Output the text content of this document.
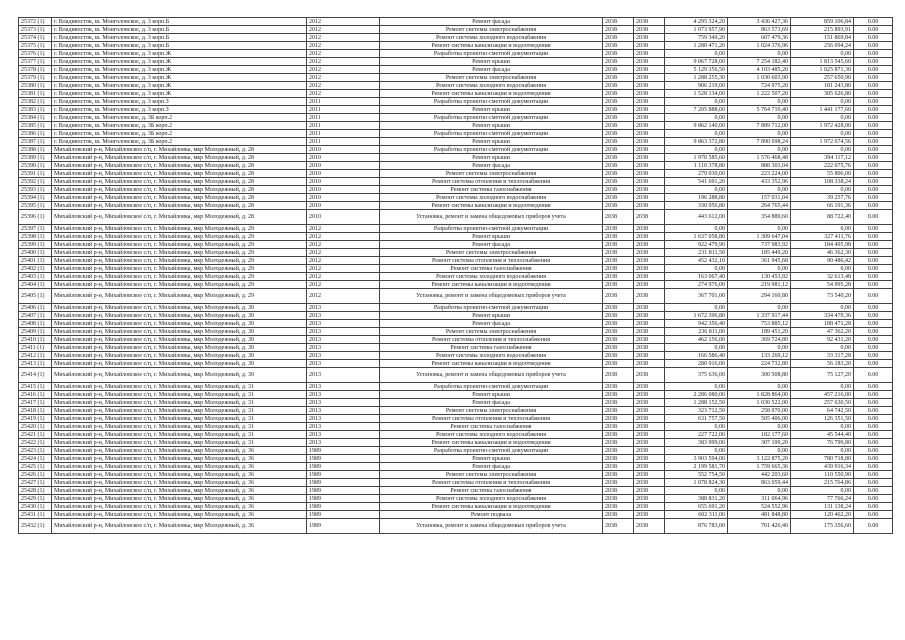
25372 (1)	г. Владивосток, ш. Монголовское, д. 3 корп.Б	2012	Ремонт фасада	2038	2038	4 295 324,20	3 436 427,36	859 106,84	0.00
25373 (1)	г. Владивосток, ш. Монголовское, д. 3 корп.Б	2012	Ремонт системы электроснабжения	2038	2038	1 073 957,90	863 573,69	215 893,91	0.00
25374 (1)	г. Владивосток, ш. Монголовское, д. 3 корп.Б	2012	Ремонт системы холодного водоснабжения	2038	2038	759 349,20	607 479,36	151 869,84	0.00
25375 (1)	г. Владивосток, ш. Монголовское, д. 3 корп.Б	2012	Ремонт системы канализации и водоотведения	2038	2038	1 280 471,20	1 024 376,96	256 094,24	0.00
25376 (1)	г. Владивосток, ш. Монголовское, д. 3 корп.Ж	2012	Разработка проектно-сметной документации	2038	2038	0,00	0,00	0,00	0.00
25377 (1)	г. Владивосток, ш. Монголовское, д. 3 корп.Ж	2012	Ремонт крыши	2038	2038	9 067 728,00	7 254 182,40	1 813 545,60	0.00
25378 (1)	г. Владивосток, ш. Монголовское, д. 3 корп.Ж	2012	Ремонт фасада	2038	2038	5 129 356,50	4 103 485,20	1 025 871,30	0.00
25379 (1)	г. Владивосток, ш. Монголовское, д. 3 корп.Ж	2012	Ремонт системы электроснабжения	2038	2038	1 288 255,30	1 030 603,90	257 650,90	0.00
25380 (1)	г. Владивосток, ш. Монголовское, д. 3 корп.Ж	2012	Ремонт системы холодного водоснабжения	2038	2038	906 219,00	724 975,20	181 243,80	0.00
25381 (1)	г. Владивосток, ш. Монголовское, д. 3 корп.Ж	2012	Ремонт системы канализации и водоотведения	2038	2038	1 528 134,00	1 222 507,20	305 626,80	0.00
25382 (1)	г. Владивосток, ш. Монголовское, д. 3 корп.З	2011	Разработка проектно-сметной документации	2038	2038	0,00	0,00	0,00	0.00
25383 (1)	г. Владивосток, ш. Монголовское, д. 3 корп.З	2011	Ремонт крыши	2038	2038	7 205 888,00	5 764 710,40	1 441 177,60	0.00
25384 (1)	г. Владивосток, ш. Монголовское, д. 3Б корп.2	2011	Разработка проектно-сметной документации	2038	2038	0,00	0,00	0,00	0.00
25385 (1)	г. Владивосток, ш. Монголовское, д. 3Б корп.2	2011	Ремонт крыши	2038	2038	9 862 140,00	7 889 712,00	1 972 428,00	0.00
25386 (1)	г. Владивосток, ш. Монголовское, д. 3Б корп.2	2011	Разработка проектно-сметной документации	2038	2038	0,00	0,00	0,00	0.00
25387 (1)	г. Владивосток, ш. Монголовское, д. 3Б корп.2	2011	Ремонт крыши	2038	2038	9 863 372,80	7 890 698,24	1 972 674,56	0.00
25388 (1)	Михайловский р-н, Михайловское с/п, г. Михайловка, мкр Молодежный, д. 28	2010	Разработка проектно-сметной документации	2038	2038	0,00	0,00	0,00	0.00
25389 (1)	Михайловский р-н, Михайловское с/п, г. Михайловка, мкр Молодежный, д. 28	2010	Ремонт крыши	2038	2038	1 970 585,60	1 576 468,48	394 117,12	0.00
25390 (1)	Михайловский р-н, Михайловское с/п, г. Михайловка, мкр Молодежный, д. 28	2010	Ремонт фасада	2038	2038	1 110 378,80	888 303,04	222 075,76	0.00
25391 (1)	Михайловский р-н, Михайловское с/п, г. Михайловка, мкр Молодежный, д. 28	2010	Ремонт системы электроснабжения	2038	2038	279 030,00	223 224,00	55 806,00	0.00
25392 (1)	Михайловский р-н, Михайловское с/п, г. Михайловка, мкр Молодежный, д. 28	2010	Ремонт системы отопления и теплоснабжения	2038	2038	541 691,20	433 352,96	108 338,24	0.00
25393 (1)	Михайловский р-н, Михайловское с/п, г. Михайловка, мкр Молодежный, д. 28	2010	Ремонт системы газоснабжения	2038	2038	0,00	0,00	0,00	0.00
25394 (1)	Михайловский р-н, Михайловское с/п, г. Михайловка, мкр Молодежный, д. 28	2010	Ремонт системы холодного водоснабжения	2038	2038	196 288,80	157 031,04	39 257,76	0.00
25395 (1)	Михайловский р-н, Михайловское с/п, г. Михайловка, мкр Молодежный, д. 28	2010	Ремонт системы канализации и водоотведения	2038	2038	330 956,80	264 765,44	66 191,36	0.00
25396 (1)	Михайловский р-н, Михайловское с/п, г. Михайловка, мкр Молодежный, д. 28	2010	Установка, ремонт и замена общедомовых приборов учета	2038	2038	443 612,00	354 889,60	88 722,40	0.00
25397 (1)	Михайловский р-н, Михайловское с/п, г. Михайловка, мкр Молодежный, д. 29	2012	Разработка проектно-сметной документации	2038	2038	0,00	0,00	0,00	0.00
25398 (1)	Михайловский р-н, Михайловское с/п, г. Михайловка, мкр Молодежный, д. 29	2012	Ремонт крыши	2038	2038	1 637 058,80	1 309 647,04	327 411,76	0.00
25399 (1)	Михайловский р-н, Михайловское с/п, г. Михайловка, мкр Молодежный, д. 29	2012	Ремонт фасада	2038	2038	922 479,90	737 983,92	184 495,98	0.00
25400 (1)	Михайловский р-н, Михайловское с/п, г. Михайловка, мкр Молодежный, д. 29	2012	Ремонт системы электроснабжения	2038	2038	231 811,50	185 449,20	46 362,30	0.00
25401 (1)	Михайловский р-н, Михайловское с/п, г. Михайловка, мкр Молодежный, д. 29	2012	Ремонт системы отопления и теплоснабжения	2038	2038	452 432,10	361 945,68	90 486,42	0.00
25402 (1)	Михайловский р-н, Михайловское с/п, г. Михайловка, мкр Молодежный, д. 29	2012	Ремонт системы газоснабжения	2038	2038	0,00	0,00	0,00	0.00
25403 (1)	Михайловский р-н, Михайловское с/п, г. Михайловка, мкр Молодежный, д. 29	2012	Ремонт системы холодного водоснабжения	2038	2038	163 067,40	130 453,92	32 613,48	0.00
25404 (1)	Михайловский р-н, Михайловское с/п, г. Михайловка, мкр Молодежный, д. 29	2012	Ремонт системы канализации и водоотведения	2038	2038	274 976,00	219 981,12	54 995,28	0.00
25405 (1)	Михайловский р-н, Михайловское с/п, г. Михайловка, мкр Молодежный, д. 29	2012	Установка, ремонт и замена общедомовых приборов учета	2038	2038	367 701,00	294 160,80	73 540,20	0.00
25406 (1)	Михайловский р-н, Михайловское с/п, г. Михайловка, мкр Молодежный, д. 30	2013	Разработка проектно-сметной документации	2038	2038	0,00	0,00	0,00	0.00
25407 (1)	Михайловский р-н, Михайловское с/п, г. Михайловка, мкр Молодежный, д. 30	2013	Ремонт крыши	2038	2038	1 672 396,80	1 337 917,44	334 479,36	0.00
25408 (1)	Михайловский р-н, Михайловское с/п, г. Михайловка, мкр Молодежный, д. 30	2013	Ремонт фасада	2038	2038	942 356,40	753 885,12	188 471,28	0.00
25409 (1)	Михайловский р-н, Михайловское с/п, г. Михайловка, мкр Молодежный, д. 30	2013	Ремонт системы электроснабжения	2038	2038	236 811,00	189 451,20	47 362,20	0.00
25410 (1)	Михайловский р-н, Михайловское с/п, г. Михайловка, мкр Молодежный, д. 30	2013	Ремонт системы отопления и теплоснабжения	2038	2038	462 156,00	369 724,80	92 431,20	0.00
25411 (1)	Михайловский р-н, Михайловское с/п, г. Михайловка, мкр Молодежный, д. 30	2013	Ремонт системы газоснабжения	2038	2038	0,00	0,00	0,00	0.00
25412 (1)	Михайловский р-н, Михайловское с/п, г. Михайловка, мкр Молодежный, д. 30	2013	Ремонт системы холодного водоснабжения	2038	2038	166 586,40	133 269,12	33 317,28	0.00
25413 (1)	Михайловский р-н, Михайловское с/п, г. Михайловка, мкр Молодежный, д. 30	2013	Ремонт системы канализации и водоотведения	2038	2038	280 916,00	224 732,80	56 183,20	0.00
25414 (1)	Михайловский р-н, Михайловское с/п, г. Михайловка, мкр Молодежный, д. 30	2013	Установка, ремонт и замена общедомовых приборов учета	2038	2038	375 636,00	300 508,80	75 127,20	0.00
25415 (1)	Михайловский р-н, Михайловское с/п, г. Михайловка, мкр Молодежный, д. 31	2013	Разработка проектно-сметной документации	2038	2038	0,00	0,00	0,00	0.00
25416 (1)	Михайловский р-н, Михайловское с/п, г. Михайловка, мкр Молодежный, д. 31	2013	Ремонт крыши	2038	2038	2 286 080,00	1 828 864,00	457 216,00	0.00
25417 (1)	Михайловский р-н, Михайловское с/п, г. Михайловка, мкр Молодежный, д. 31	2013	Ремонт фасада	2038	2038	1 288 152,50	1 030 522,00	257 630,50	0.00
25418 (1)	Михайловский р-н, Михайловское с/п, г. Михайловка, мкр Молодежный, д. 31	2013	Ремонт системы электроснабжения	2038	2038	323 712,50	258 970,00	64 742,50	0.00
25419 (1)	Михайловский р-н, Михайловское с/п, г. Михайловка, мкр Молодежный, д. 31	2013	Ремонт системы отопления и теплоснабжения	2038	2038	631 757,50	505 406,00	126 351,50	0.00
25420 (1)	Михайловский р-н, Михайловское с/п, г. Михайловка, мкр Молодежный, д. 31	2013	Ремонт системы газоснабжения	2038	2038	0,00	0,00	0,00	0.00
25421 (1)	Михайловский р-н, Михайловское с/п, г. Михайловка, мкр Молодежный, д. 31	2013	Ремонт системы холодного водоснабжения	2038	2038	227 722,00	182 177,60	45 544,40	0.00
25422 (1)	Михайловский р-н, Михайловское с/п, г. Михайловка, мкр Молодежный, д. 31	2013	Ремонт системы канализации и водоотведения	2038	2038	383 999,00	307 199,20	76 799,80	0.00
25423 (1)	Михайловский р-н, Михайловское с/п, г. Михайловка, мкр Молодежный, д. 36	1989	Разработка проектно-сметной документации	2038	2038	0,00	0,00	0,00	0.00
25424 (1)	Михайловский р-н, Михайловское с/п, г. Михайловка, мкр Молодежный, д. 36	1989	Ремонт крыши	2038	2038	3 903 594,00	3 122 875,20	780 718,80	0.00
25425 (1)	Михайловский р-н, Михайловское с/п, г. Михайловка, мкр Молодежный, д. 36	1989	Ремонт фасада	2038	2038	2 199 581,70	1 759 665,36	439 916,34	0.00
25426 (1)	Михайловский р-н, Михайловское с/п, г. Михайловка, мкр Молодежный, д. 36	1989	Ремонт системы электроснабжения	2038	2038	552 754,50	442 203,60	110 550,90	0.00
25427 (1)	Михайловский р-н, Михайловское с/п, г. Михайловка, мкр Молодежный, д. 36	1989	Ремонт системы отопления и теплоснабжения	2038	2038	1 078 824,30	863 059,44	215 764,86	0.00
25428 (1)	Михайловский р-н, Михайловское с/п, г. Михайловка, мкр Молодежный, д. 36	1989	Ремонт системы газоснабжения	2038	2038	0,00	0,00	0,00	0.00
25429 (1)	Михайловский р-н, Михайловское с/п, г. Михайловка, мкр Молодежный, д. 36	1989	Ремонт системы холодного водоснабжения	2038	2038	388 831,20	311 064,96	77 766,24	0.00
25430 (1)	Михайловский р-н, Михайловское с/п, г. Михайловка, мкр Молодежный, д. 36	1989	Ремонт системы канализации и водоотведения	2038	2038	655 691,20	524 552,96	131 138,24	0.00
25431 (1)	Михайловский р-н, Михайловское с/п, г. Михайловка, мкр Молодежный, д. 36	1989	Ремонт подвала	2038	2038	602 311,00	481 848,80	120 462,20	0.00
25432 (1)	Михайловский р-н, Михайловское с/п, г. Михайловка, мкр Молодежный, д. 36	1989	Установка, ремонт и замена общедомовых приборов учета	2038	2038	876 783,00	701 426,40	175 356,60	0.00
